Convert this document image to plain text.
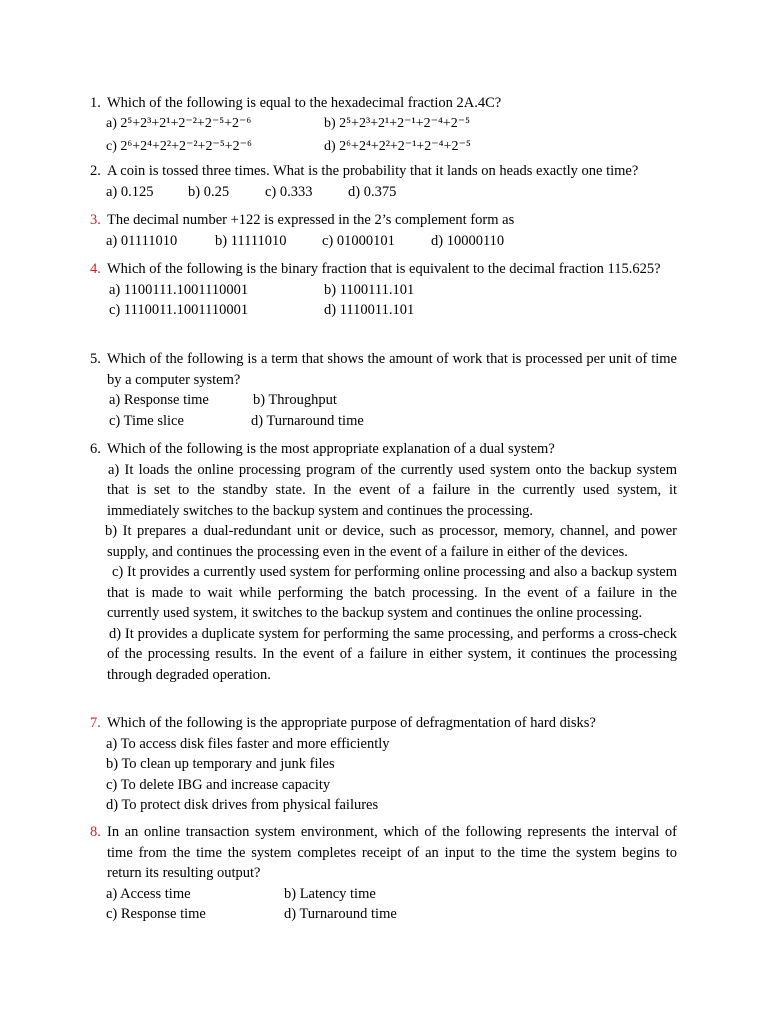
1. Which of the following is equal to the hexadecimal fraction 2A.4C?
a) 2⁵+2³+2¹+2⁻²+2⁻⁵+2⁻⁶	b) 2⁵+2³+2¹+2⁻¹+2⁻⁴+2⁻⁵
c) 2⁶+2⁴+2²+2⁻²+2⁻⁵+2⁻⁶	d) 2⁶+2⁴+2²+2⁻¹+2⁻⁴+2⁻⁵
2. A coin is tossed three times. What is the probability that it lands on heads exactly one time?
a) 0.125 b) 0.25 c) 0.333 d) 0.375
3. The decimal number +122 is expressed in the 2’s complement form as
a) 01111010	b) 11111010 c) 01000101 d) 10000110
4. Which of the following is the binary fraction that is equivalent to the decimal fraction 115.625?
a) 1100111.1001110001	b) 1100111.101
c) 1110011.1001110001	d) 1110011.101
5. Which of the following is a term that shows the amount of work that is processed per unit of time by a computer system?
a) Response time	b) Throughput
c) Time slice	d) Turnaround time
6. Which of the following is the most appropriate explanation of a dual system?
a) It loads the online processing program of the currently used system onto the backup system that is set to the standby state. In the event of a failure in the currently used system, it immediately switches to the backup system and continues the processing.
b) It prepares a dual-redundant unit or device, such as processor, memory, channel, and power supply, and continues the processing even in the event of a failure in either of the devices.
c) It provides a currently used system for performing online processing and also a backup system that is made to wait while performing the batch processing. In the event of a failure in the currently used system, it switches to the backup system and continues the online processing.
d) It provides a duplicate system for performing the same processing, and performs a cross-check of the processing results. In the event of a failure in either system, it continues the processing through degraded operation.
7. Which of the following is the appropriate purpose of defragmentation of hard disks?
a) To access disk files faster and more efficiently
b) To clean up temporary and junk files
c) To delete IBG and increase capacity
d) To protect disk drives from physical failures
8. In an online transaction system environment, which of the following represents the interval of time from the time the system completes receipt of an input to the time the system begins to return its resulting output?
a) Access time	b) Latency time
c) Response time	d) Turnaround time
